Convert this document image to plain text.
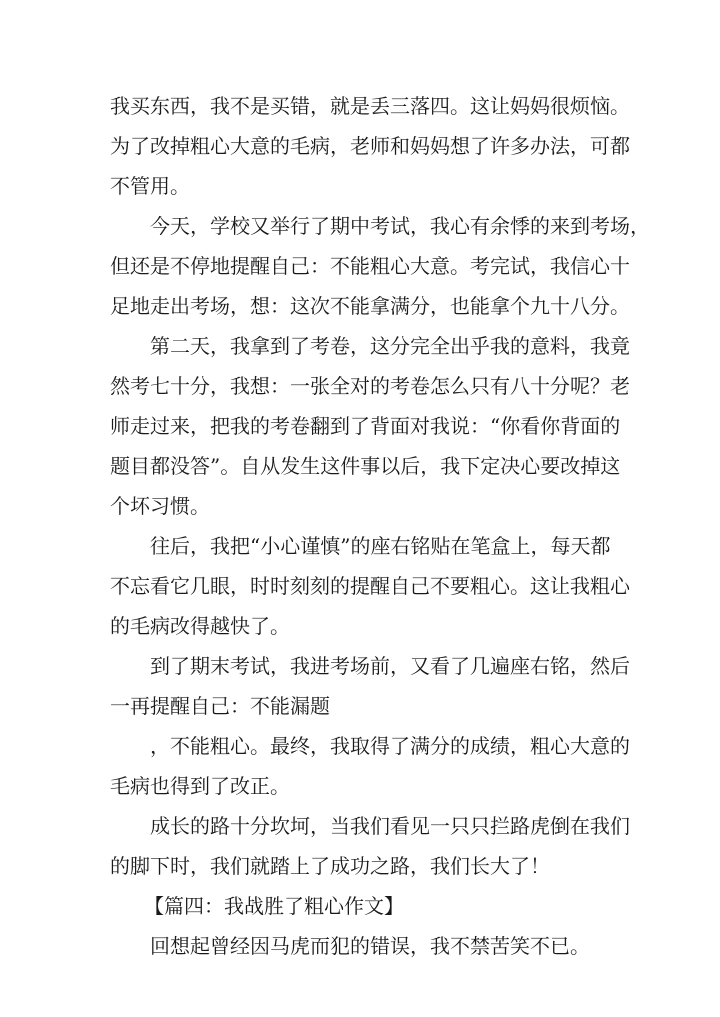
我买东西，我不是买错，就是丢三落四。这让妈妈很烦恼。
为了改掉粗心大意的毛病，老师和妈妈想了许多办法，可都
不管用。
今天，学校又举行了期中考试，我心有余悸的来到考场，
但还是不停地提醒自己：不能粗心大意。考完试，我信心十
足地走出考场，想：这次不能拿满分，也能拿个九十八分。
第二天，我拿到了考卷，这分完全出乎我的意料，我竟
然考七十分，我想：一张全对的考卷怎么只有八十分呢？老
师走过来，把我的考卷翻到了背面对我说：“你看你背面的
题目都没答”。自从发生这件事以后，我下定决心要改掉这
个坏习惯。
往后，我把“小心谨慎”的座右铭贴在笔盒上，每天都
不忘看它几眼，时时刻刻的提醒自己不要粗心。这让我粗心
的毛病改得越快了。
到了期末考试，我进考场前，又看了几遍座右铭，然后
一再提醒自己：不能漏题
，不能粗心。最终，我取得了满分的成绩，粗心大意的
毛病也得到了改正。
成长的路十分坎坷，当我们看见一只只拦路虎倒在我们
的脚下时，我们就踏上了成功之路，我们长大了！
【篇四：我战胜了粗心作文】
回想起曾经因马虎而犯的错误，我不禁苦笑不已。
